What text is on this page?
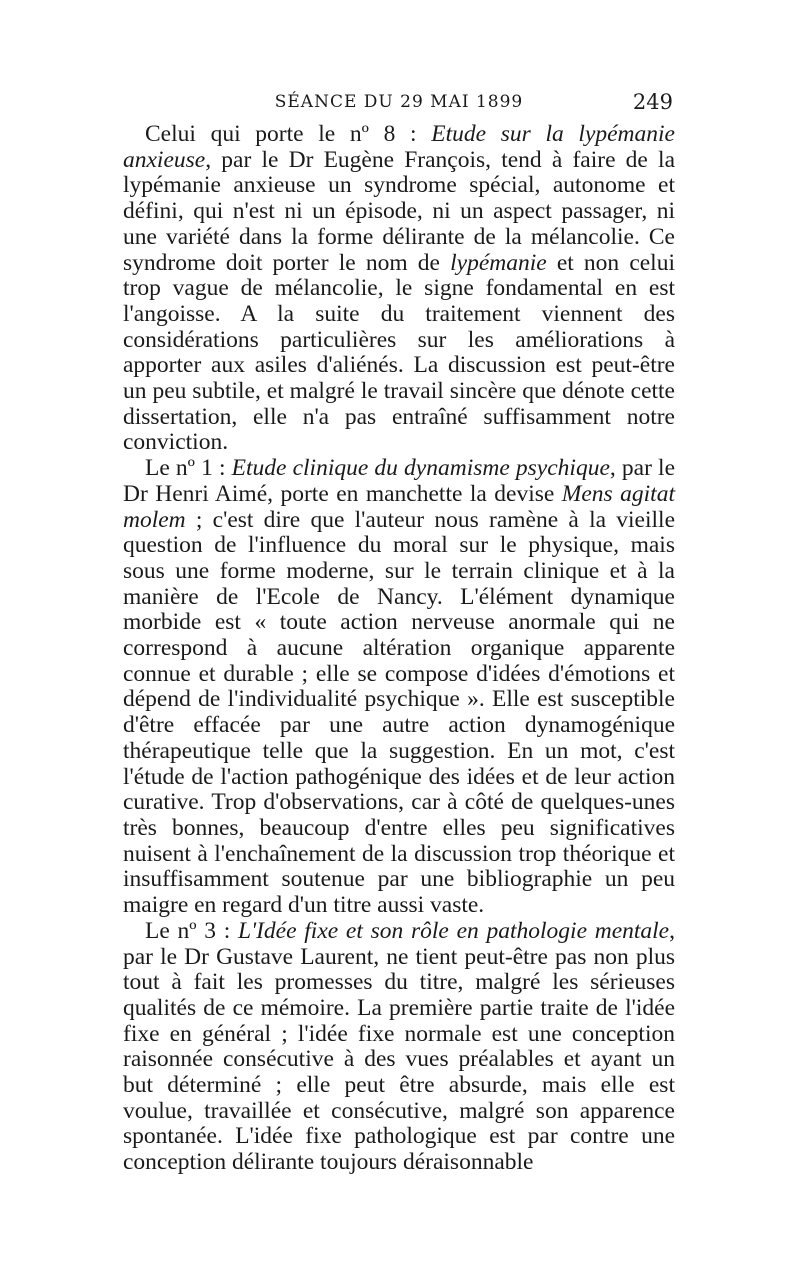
SÉANCE DU 29 MAI 1899	249

Celui qui porte le nº 8 : Etude sur la lypémanie anxieuse, par le Dr Eugène François, tend à faire de la lypémanie anxieuse un syndrome spécial, autonome et défini, qui n'est ni un épisode, ni un aspect passager, ni une variété dans la forme délirante de la mélancolie. Ce syndrome doit porter le nom de lypémanie et non celui trop vague de mélancolie, le signe fondamental en est l'angoisse. A la suite du traitement viennent des considérations particulières sur les améliorations à apporter aux asiles d'aliénés. La discussion est peut-être un peu subtile, et malgré le travail sincère que dénote cette dissertation, elle n'a pas entraîné suffisamment notre conviction.

Le nº 1 : Etude clinique du dynamisme psychique, par le Dr Henri Aimé, porte en manchette la devise Mens agitat molem ; c'est dire que l'auteur nous ramène à la vieille question de l'influence du moral sur le physique, mais sous une forme moderne, sur le terrain clinique et à la manière de l'Ecole de Nancy. L'élément dynamique morbide est « toute action nerveuse anormale qui ne correspond à aucune altération organique apparente connue et durable ; elle se compose d'idées d'émotions et dépend de l'individualité psychique ». Elle est susceptible d'être effacée par une autre action dynamogénique thérapeutique telle que la suggestion. En un mot, c'est l'étude de l'action pathogénique des idées et de leur action curative. Trop d'observations, car à côté de quelques-unes très bonnes, beaucoup d'entre elles peu significatives nuisent à l'enchaînement de la discussion trop théorique et insuffisamment soutenue par une bibliographie un peu maigre en regard d'un titre aussi vaste.

Le nº 3 : L'Idée fixe et son rôle en pathologie mentale, par le Dr Gustave Laurent, ne tient peut-être pas non plus tout à fait les promesses du titre, malgré les sérieuses qualités de ce mémoire. La première partie traite de l'idée fixe en général ; l'idée fixe normale est une conception raisonnée consécutive à des vues préalables et ayant un but déterminé ; elle peut être absurde, mais elle est voulue, travaillée et consécutive, malgré son apparence spontanée. L'idée fixe pathologique est par contre une conception délirante toujours déraisonnable
